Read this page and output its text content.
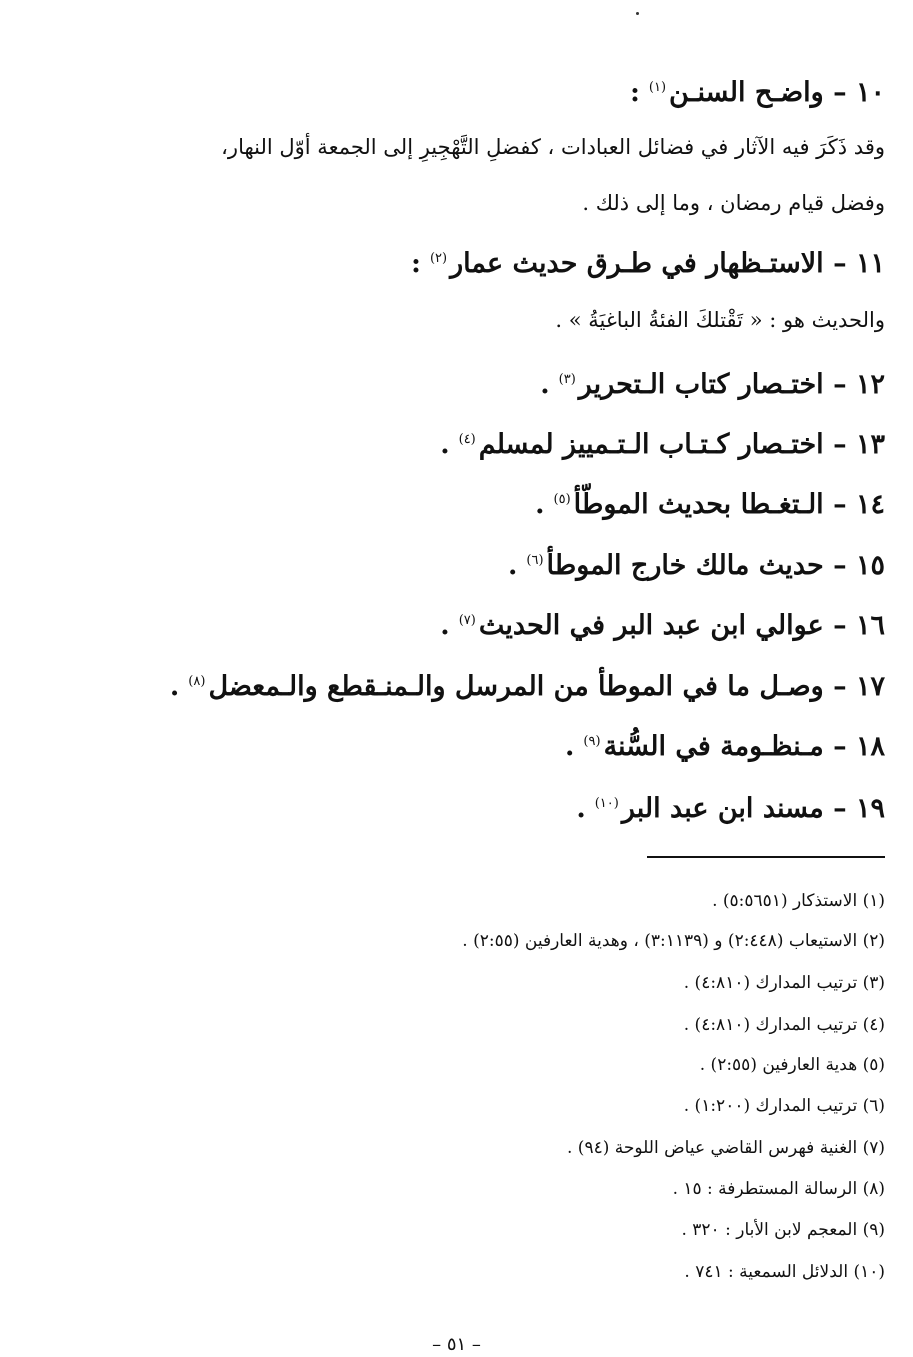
١٠ – واضـح السنـن$^{(١)}$:
وقد ذَكَرَ فيه الآثار في فضائل العبادات ، كفضلِ التَّهْجِيرِ إلى الجمعة أوّل النهار،
وفضل قيام رمضان ، وما إلى ذلك .
١١ – الاستـظهار في طـرق حديث عمار$^{(٢)}$:
والحديث هو : « تَقْتلكَ الفئةُ الباغيَةُ » .
١٢ – اختـصار كتاب الـتحرير$^{(٣)}$.
١٣ – اختـصار كـتـاب الـتـمييز لمسلم$^{(٤)}$.
١٤ – الـتغـطا بحديث الموطّأ$^{(٥)}$.
١٥ – حديث مالك خارج الموطأ$^{(٦)}$.
١٦ – عوالي ابن عبد البر في الحديث$^{(٧)}$.
١٧ – وصـل ما في الموطأ من المرسل والـمنـقطع والـمعضل$^{(٨)}$.
١٨ – مـنظـومة في السُّنة$^{(٩)}$.
١٩ – مسند ابن عبد البر$^{(١٠)}$.
(١) الاستذكار (٥:٥٦٥١) .
(٢) الاستيعاب (٢:٤٤٨) و (٣:١١٣٩) ، وهدية العارفين (٢:٥٥) .
(٣) ترتيب المدارك (٤:٨١٠) .
(٤) ترتيب المدارك (٤:٨١٠) .
(٥) هدية العارفين (٢:٥٥) .
(٦) ترتيب المدارك (١:٢٠٠) .
(٧) الغنية فهرس القاضي عياض اللوحة (٩٤) .
(٨) الرسالة المستطرفة : ١٥ .
(٩) المعجم لابن الأبار : ٣٢٠ .
(١٠) الدلائل السمعية : ٧٤١ .
– ٥١ –
